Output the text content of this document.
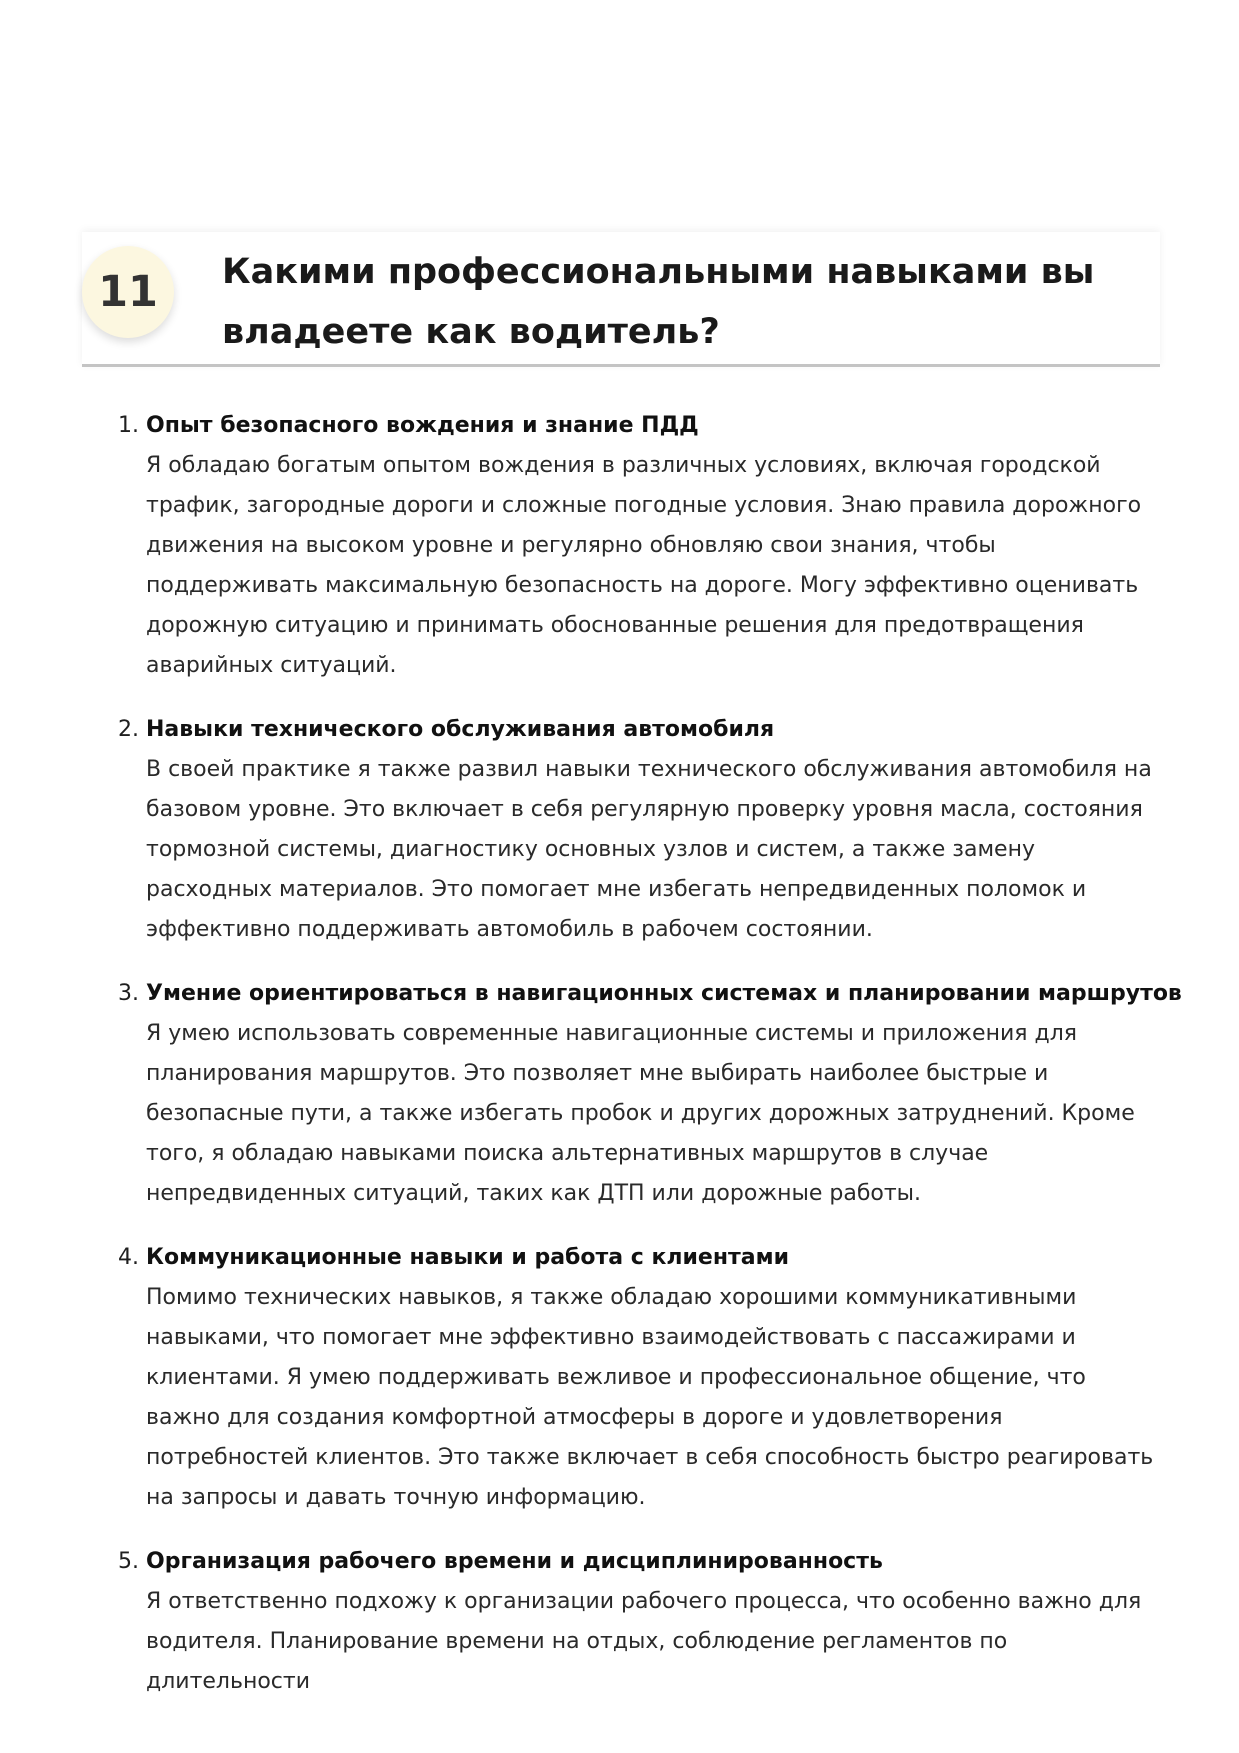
11	Какими профессиональными навыками вы владеете как водитель?
1. Опыт безопасного вождения и знание ПДД
Я обладаю богатым опытом вождения в различных условиях, включая городской трафик, загородные дороги и сложные погодные условия. Знаю правила дорожного движения на высоком уровне и регулярно обновляю свои знания, чтобы поддерживать максимальную безопасность на дороге. Могу эффективно оценивать дорожную ситуацию и принимать обоснованные решения для предотвращения аварийных ситуаций.
2. Навыки технического обслуживания автомобиля
В своей практике я также развил навыки технического обслуживания автомобиля на базовом уровне. Это включает в себя регулярную проверку уровня масла, состояния тормозной системы, диагностику основных узлов и систем, а также замену расходных материалов. Это помогает мне избегать непредвиденных поломок и эффективно поддерживать автомобиль в рабочем состоянии.
3. Умение ориентироваться в навигационных системах и планировании маршрутов
Я умею использовать современные навигационные системы и приложения для планирования маршрутов. Это позволяет мне выбирать наиболее быстрые и безопасные пути, а также избегать пробок и других дорожных затруднений. Кроме того, я обладаю навыками поиска альтернативных маршрутов в случае непредвиденных ситуаций, таких как ДТП или дорожные работы.
4. Коммуникационные навыки и работа с клиентами
Помимо технических навыков, я также обладаю хорошими коммуникативными навыками, что помогает мне эффективно взаимодействовать с пассажирами и клиентами. Я умею поддерживать вежливое и профессиональное общение, что важно для создания комфортной атмосферы в дороге и удовлетворения потребностей клиентов. Это также включает в себя способность быстро реагировать на запросы и давать точную информацию.
5. Организация рабочего времени и дисциплинированность
Я ответственно подхожу к организации рабочего процесса, что особенно важно для водителя. Планирование времени на отдых, соблюдение регламентов по длительности
